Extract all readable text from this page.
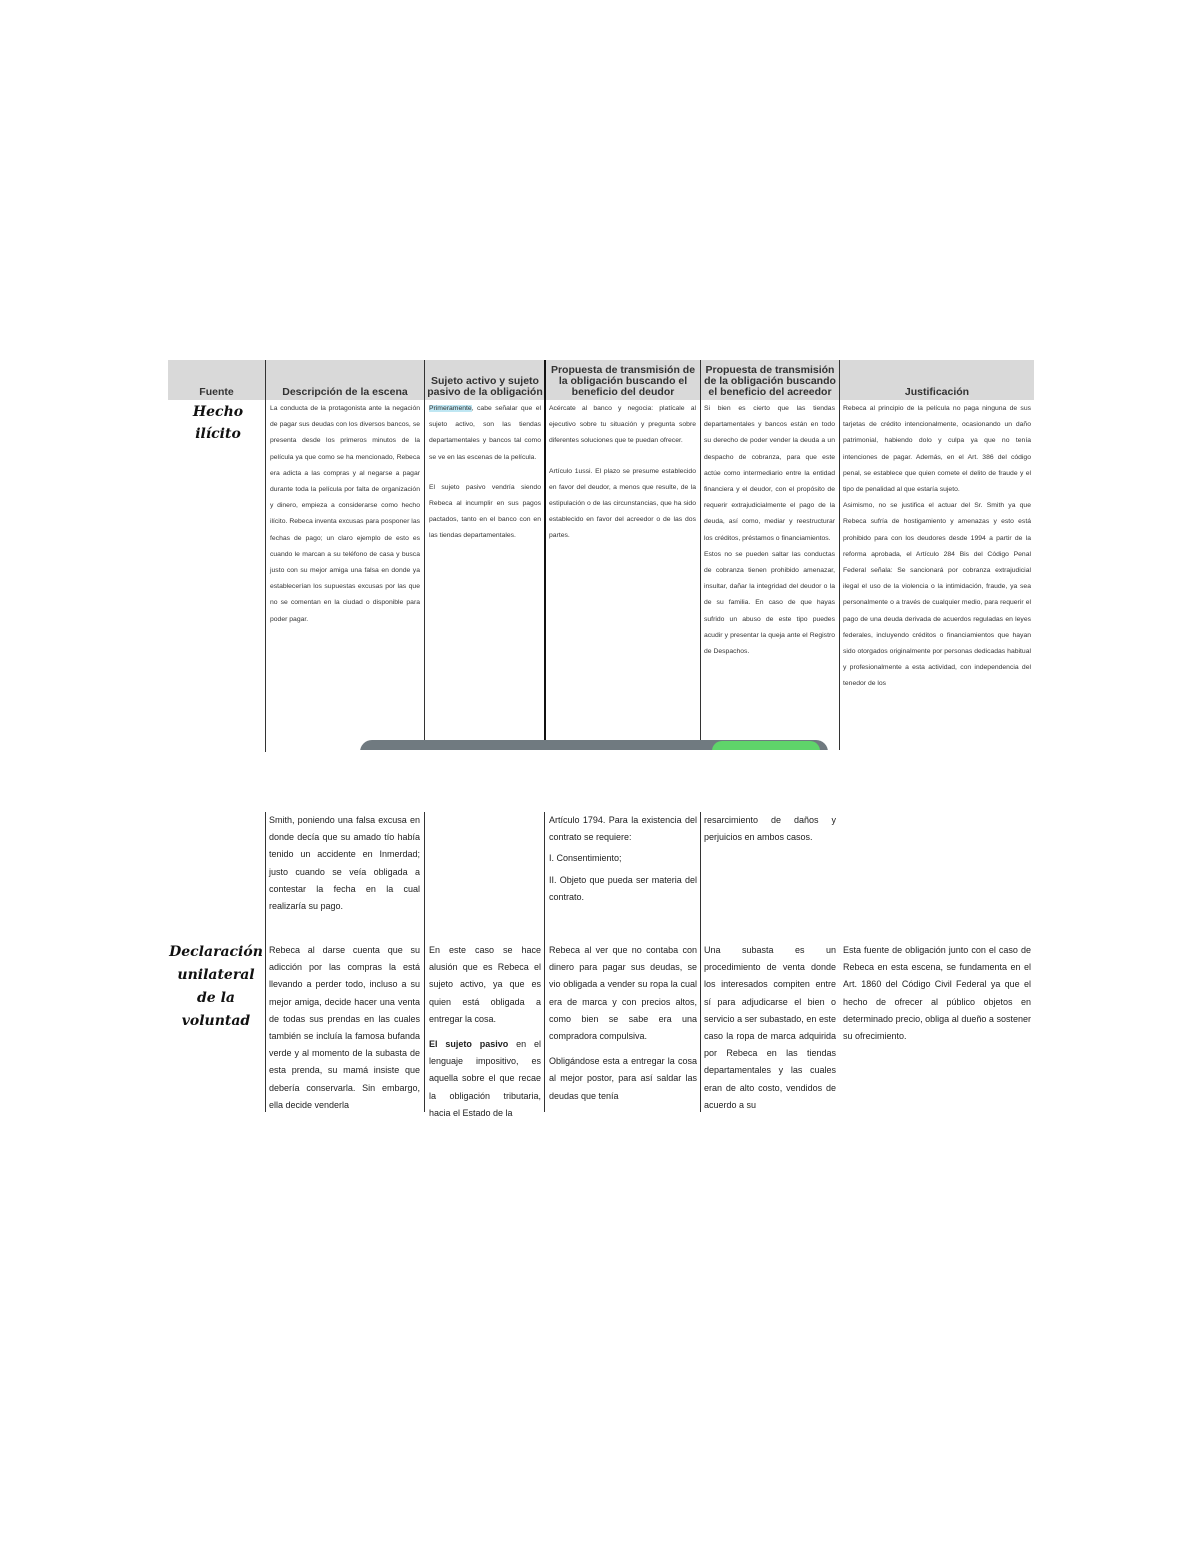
Fuente	Descripción de la escena
Sujeto activo y sujeto pasivo de la obligación
Propuesta de transmisión de la obligación buscando el beneficio del deudor
Propuesta de transmisión de la obligación buscando el beneficio del acreedor	Justificación
Hecho ilícito
La conducta de la protagonista ante la negación de pagar sus deudas con los diversos bancos, se presenta desde los primeros minutos de la película ya que como se ha mencionado, Rebeca era adicta a las compras y al negarse a pagar durante toda la película por falta de organización y dinero, empieza a considerarse como hecho ilícito. Rebeca inventa excusas para posponer las fechas de pago; un claro ejemplo de esto es cuando le marcan a su teléfono de casa y busca justo con su mejor amiga una falsa en donde ya establecerían los supuestas excusas por las que no se comentan en la ciudad o disponible para poder pagar.

Primeramente, cabe señalar que el sujeto activo, son las tiendas departamentales y bancos tal como se ve en las escenas de la película.

El sujeto pasivo vendría siendo Rebeca al incumplir en sus pagos pactados, tanto en el banco con en las tiendas departamentales.

Acércate al banco y negocia: platícale al ejecutivo sobre tu situación y pregunta sobre diferentes soluciones que te puedan ofrecer.

Artículo 1ussi. El plazo se presume establecido en favor del deudor, a menos que resulte, de la estipulación o de las circunstancias, que ha sido establecido en favor del acreedor o de las dos partes.

Si bien es cierto que las tiendas departamentales y bancos están en todo su derecho de poder vender la deuda a un despacho de cobranza, para que este actúe como intermediario entre la entidad financiera y el deudor, con el propósito de requerir extrajudicialmente el pago de la deuda, así como, mediar y reestructurar los créditos, préstamos o financiamientos.

Estos no se pueden saltar las conductas de cobranza tienen prohibido amenazar, insultar, dañar la integridad del deudor o la de su familia. En caso de que hayas sufrido un abuso de este tipo puedes acudir y presentar la queja ante el Registro de Despachos.

Rebeca al principio de la película no paga ninguna de sus tarjetas de crédito intencionalmente, ocasionando un daño patrimonial, habiendo dolo y culpa ya que no tenía intenciones de pagar. Además, en el Art. 386 del código penal, se establece que quien comete el delito de fraude y el tipo de penalidad al que estaría sujeto.

Asimismo, no se justifica el actuar del Sr. Smith ya que Rebeca sufría de hostigamiento y amenazas y esto está prohibido para con los deudores desde 1994 a partir de la reforma aprobada, el Artículo 284 Bis del Código Penal Federal señala: Se sancionará por cobranza extrajudicial ilegal el uso de la violencia o la intimidación, fraude, ya sea personalmente o a través de cualquier medio, para requerir el pago de una deuda derivada de acuerdos reguladas en leyes federales, incluyendo créditos o financiamientos que hayan sido otorgados originalmente por personas dedicadas habitual y profesionalmente a esta actividad, con independencia del tenedor de los

Smith, poniendo una falsa excusa en donde decía que su amado tío había tenido un accidente en Inmerdad; justo cuando se veía obligada a contestar la fecha en la cual realizaría su pago.

Artículo 1794. Para la existencia del contrato se requiere:

I. Consentimiento;

II. Objeto que pueda ser materia del contrato.

resarcimiento de daños y perjuicios en ambos casos.
Declaración unilateral de la voluntad
Rebeca al darse cuenta que su adicción por las compras la está llevando a perder todo, incluso a su mejor amiga, decide hacer una venta de todas sus prendas en las cuales también se incluía la famosa bufanda verde y al momento de la subasta de esta prenda, su mamá insiste que debería conservarla. Sin embargo, ella decide venderla

En este caso se hace alusión que es Rebeca el sujeto activo, ya que es quien está obligada a entregar la cosa.

El sujeto pasivo en el lenguaje impositivo, es aquella sobre el que recae la obligación tributaria, hacia el Estado de la

Rebeca al ver que no contaba con dinero para pagar sus deudas, se vio obligada a vender su ropa la cual era de marca y con precios altos, como bien se sabe era una compradora compulsiva.

Obligándose esta a entregar la cosa al mejor postor, para así saldar las deudas que tenía

Una subasta es un procedimiento de venta donde los interesados compiten entre sí para adjudicarse el bien o servicio a ser subastado, en este caso la ropa de marca adquirida por Rebeca en las tiendas departamentales y las cuales eran de alto costo, vendidos de acuerdo a su
Esta fuente de obligación junto con el caso de Rebeca en esta escena, se fundamenta en el Art. 1860 del Código Civil Federal ya que el hecho de ofrecer al público objetos en determinado precio, obliga al dueño a sostener su ofrecimiento.
